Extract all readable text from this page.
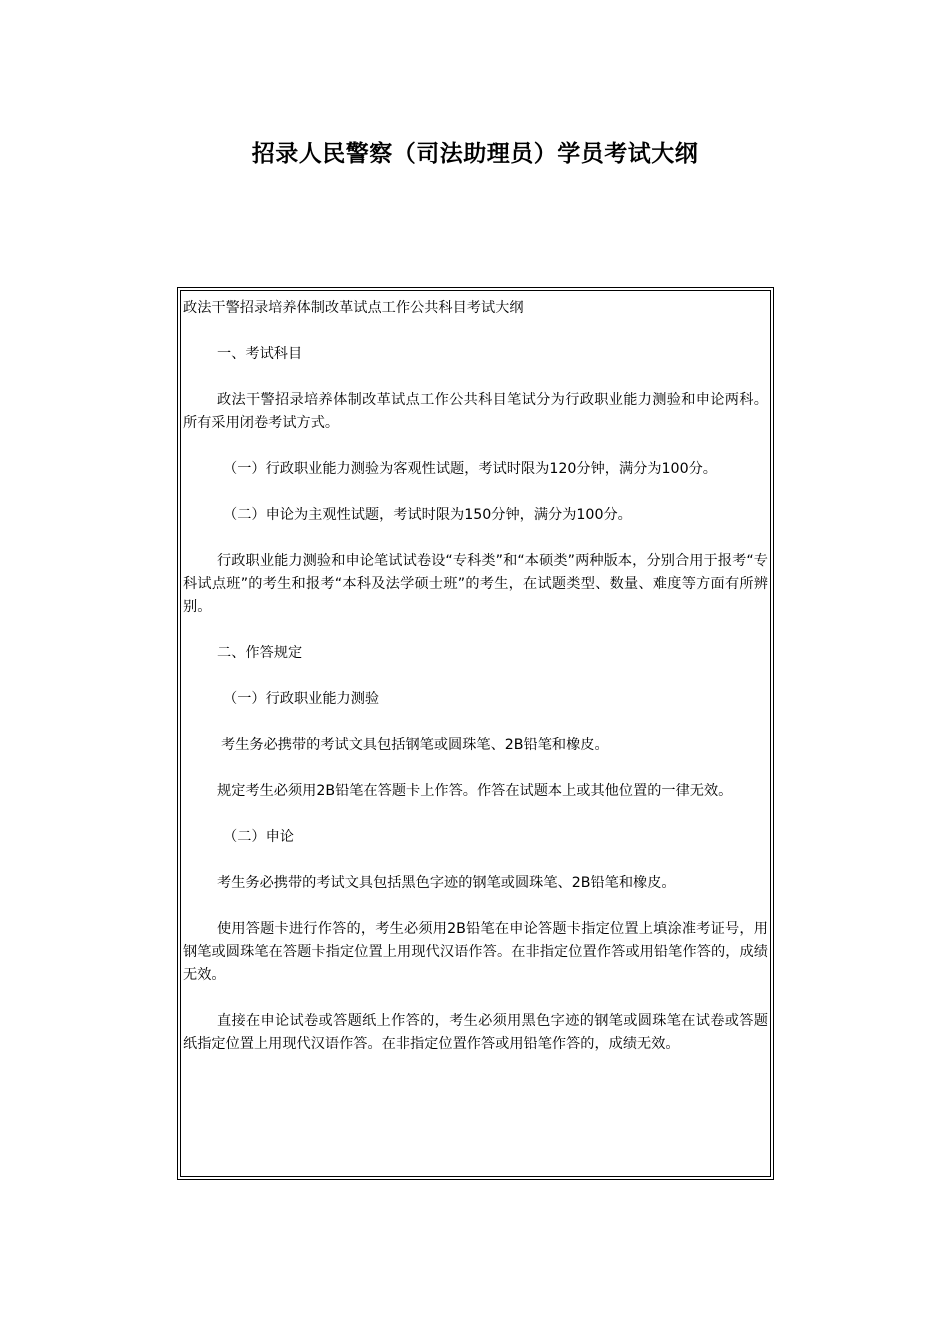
招录人民警察（司法助理员）学员考试大纲

政法干警招录培养体制改革试点工作公共科目考试大纲

一、考试科目

政法干警招录培养体制改革试点工作公共科目笔试分为行政职业能力测验和申论两科。所有采用闭卷考试方式。

（一）行政职业能力测验为客观性试题，考试时限为120分钟，满分为100分。

（二）申论为主观性试题，考试时限为150分钟，满分为100分。

行政职业能力测验和申论笔试试卷设“专科类”和“本硕类”两种版本，分别合用于报考“专科试点班”的考生和报考“本科及法学硕士班”的考生，在试题类型、数量、难度等方面有所辨别。

二、作答规定

（一）行政职业能力测验

考生务必携带的考试文具包括钢笔或圆珠笔、2B铅笔和橡皮。

规定考生必须用2B铅笔在答题卡上作答。作答在试题本上或其他位置的一律无效。

（二）申论

考生务必携带的考试文具包括黑色字迹的钢笔或圆珠笔、2B铅笔和橡皮。

使用答题卡进行作答的，考生必须用2B铅笔在申论答题卡指定位置上填涂准考证号，用钢笔或圆珠笔在答题卡指定位置上用现代汉语作答。在非指定位置作答或用铅笔作答的，成绩无效。

直接在申论试卷或答题纸上作答的，考生必须用黑色字迹的钢笔或圆珠笔在试卷或答题纸指定位置上用现代汉语作答。在非指定位置作答或用铅笔作答的，成绩无效。
